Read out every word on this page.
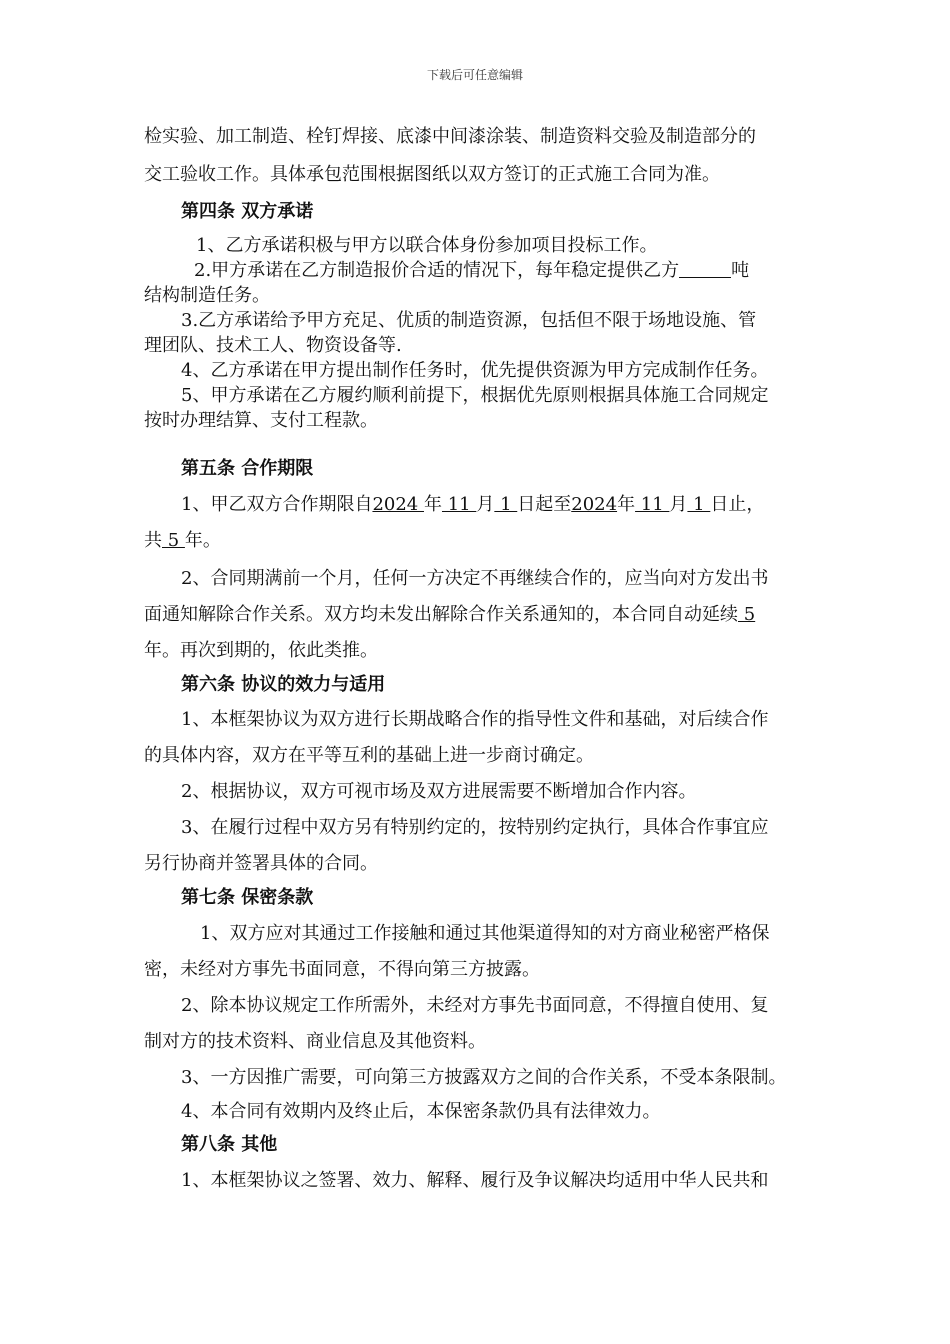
下载后可任意编辑
检实验、加工制造、栓钉焊接、底漆中间漆涂装、制造资料交验及制造部分的
交工验收工作。具体承包范围根据图纸以双方签订的正式施工合同为准。
第四条 双方承诺
1、乙方承诺积极与甲方以联合体身份参加项目投标工作。
2.甲方承诺在乙方制造报价合适的情况下，每年稳定提供乙方	吨
结构制造任务。
3.乙方承诺给予甲方充足、优质的制造资源，包括但不限于场地设施、管
理团队、技术工人、物资设备等.
4、乙方承诺在甲方提出制作任务时，优先提供资源为甲方完成制作任务。
5、甲方承诺在乙方履约顺利前提下，根据优先原则根据具体施工合同规定
按时办理结算、支付工程款。
第五条 合作期限
1、甲乙双方合作期限自2024 年 11 月 1 日起至2024年 11 月 1 日止，
共 5 年。
2、合同期满前一个月，任何一方决定不再继续合作的，应当向对方发出书
面通知解除合作关系。双方均未发出解除合作关系通知的，本合同自动延续 5
年。再次到期的，依此类推。
第六条 协议的效力与适用
1、本框架协议为双方进行长期战略合作的指导性文件和基础，对后续合作
的具体内容，双方在平等互利的基础上进一步商讨确定。
2、根据协议，双方可视市场及双方进展需要不断增加合作内容。
3、在履行过程中双方另有特别约定的，按特别约定执行，具体合作事宜应
另行协商并签署具体的合同。
第七条 保密条款
1、双方应对其通过工作接触和通过其他渠道得知的对方商业秘密严格保
密，未经对方事先书面同意，不得向第三方披露。
2、除本协议规定工作所需外，未经对方事先书面同意，不得擅自使用、复
制对方的技术资料、商业信息及其他资料。
3、一方因推广需要，可向第三方披露双方之间的合作关系，不受本条限制。
4、本合同有效期内及终止后，本保密条款仍具有法律效力。
第八条 其他
1、本框架协议之签署、效力、解释、履行及争议解决均适用中华人民共和
